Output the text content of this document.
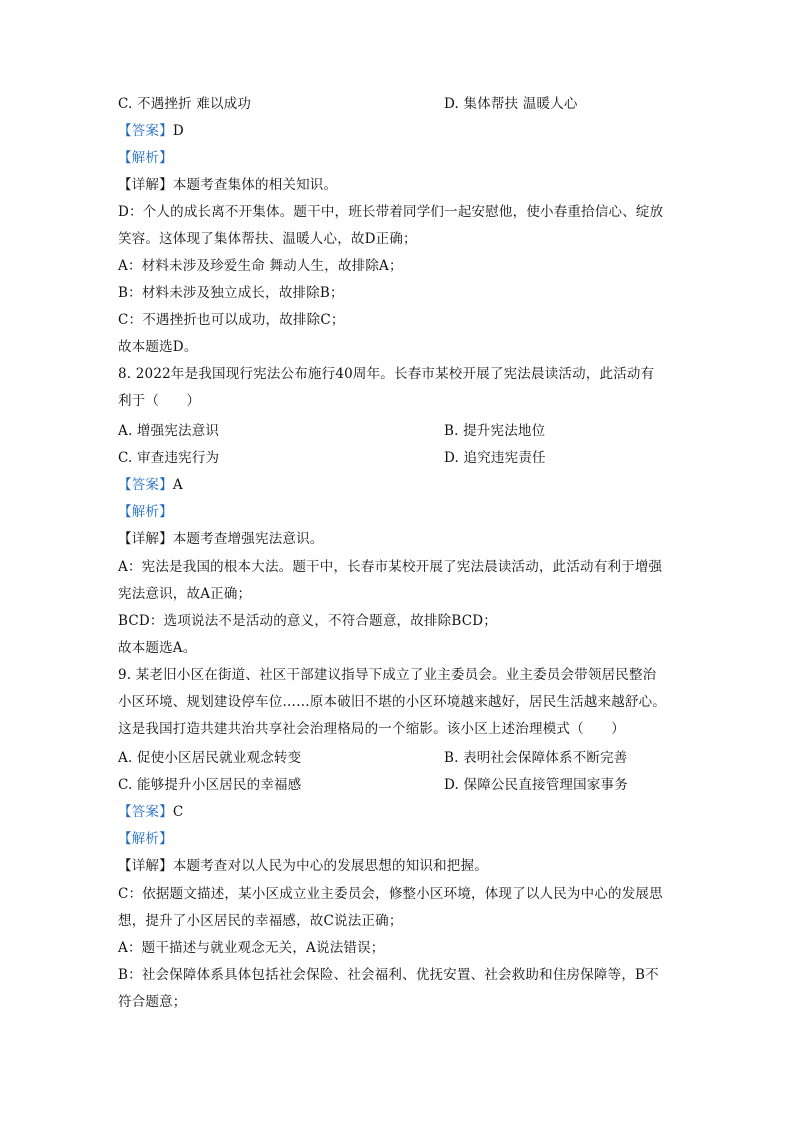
C. 不遇挫折 难以成功	D. 集体帮扶 温暖人心
【答案】D
【解析】
【详解】本题考查集体的相关知识。
D：个人的成长离不开集体。题干中，班长带着同学们一起安慰他，使小春重拾信心、绽放
笑容。这体现了集体帮扶、温暖人心，故D正确；
A：材料未涉及珍爱生命 舞动人生，故排除A；
B：材料未涉及独立成长，故排除B；
C：不遇挫折也可以成功，故排除C；
故本题选D。
8. 2022年是我国现行宪法公布施行40周年。长春市某校开展了宪法晨读活动，此活动有
利于（　　）
A. 增强宪法意识	B. 提升宪法地位
C. 审查违宪行为	D. 追究违宪责任
【答案】A
【解析】
【详解】本题考查增强宪法意识。
A：宪法是我国的根本大法。题干中，长春市某校开展了宪法晨读活动，此活动有利于增强
宪法意识，故A正确；
BCD：选项说法不是活动的意义，不符合题意，故排除BCD；
故本题选A。
9. 某老旧小区在街道、社区干部建议指导下成立了业主委员会。业主委员会带领居民整治
小区环境、规划建设停车位……原本破旧不堪的小区环境越来越好，居民生活越来越舒心。
这是我国打造共建共治共享社会治理格局的一个缩影。该小区上述治理模式（　　）
A. 促使小区居民就业观念转变	B. 表明社会保障体系不断完善
C. 能够提升小区居民的幸福感	D. 保障公民直接管理国家事务
【答案】C
【解析】
【详解】本题考查对以人民为中心的发展思想的知识和把握。
C：依据题文描述，某小区成立业主委员会，修整小区环境，体现了以人民为中心的发展思
想，提升了小区居民的幸福感，故C说法正确；
A：题干描述与就业观念无关，A说法错误；
B：社会保障体系具体包括社会保险、社会福利、优抚安置、社会救助和住房保障等，B不
符合题意；
